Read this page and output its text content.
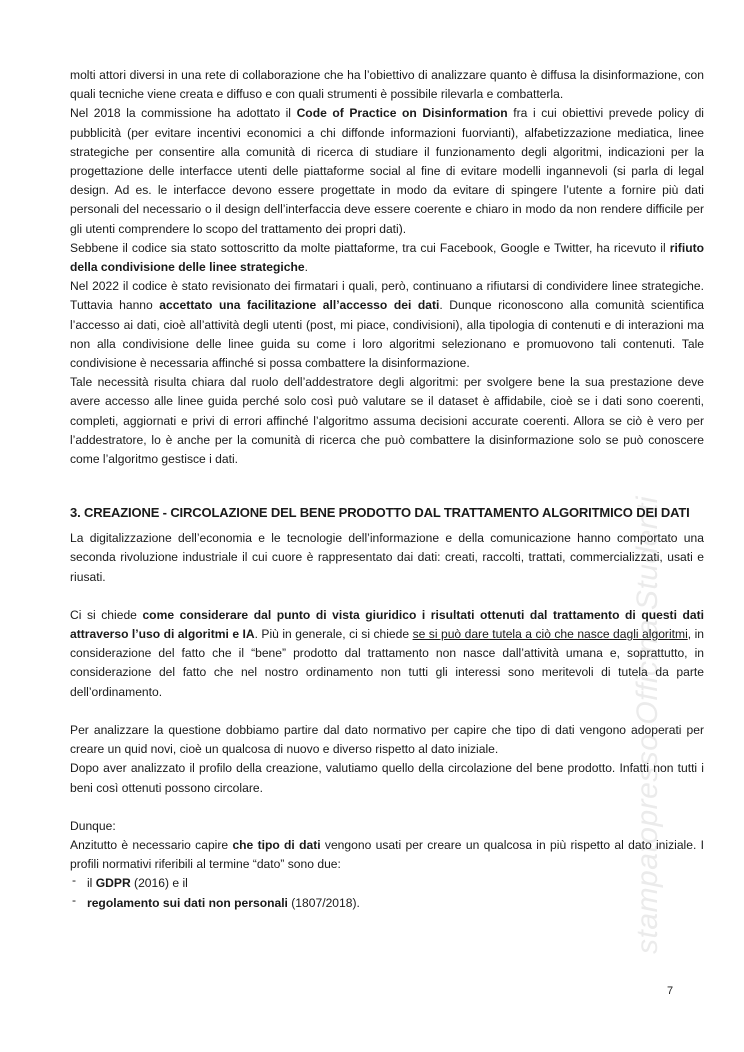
stampatopresso Officina Studenti

molti attori diversi in una rete di collaborazione che ha l’obiettivo di analizzare quanto è diffusa la disinformazione, con quali tecniche viene creata e diffuso e con quali strumenti è possibile rilevarla e combatterla.

Nel 2018 la commissione ha adottato il Code of Practice on Disinformation fra i cui obiettivi prevede policy di pubblicità (per evitare incentivi economici a chi diffonde informazioni fuorvianti), alfabetizzazione mediatica, linee strategiche per consentire alla comunità di ricerca di studiare il funzionamento degli algoritmi, indicazioni per la progettazione delle interfacce utenti delle piattaforme social al fine di evitare modelli ingannevoli (si parla di legal design. Ad es. le interfacce devono essere progettate in modo da evitare di spingere l’utente a fornire più dati personali del necessario o il design dell’interfaccia deve essere coerente e chiaro in modo da non rendere difficile per gli utenti comprendere lo scopo del trattamento dei propri dati).

Sebbene il codice sia stato sottoscritto da molte piattaforme, tra cui Facebook, Google e Twitter, ha ricevuto il rifiuto della condivisione delle linee strategiche.

Nel 2022 il codice è stato revisionato dei firmatari i quali, però, continuano a rifiutarsi di condividere linee strategiche. Tuttavia hanno accettato una facilitazione all’accesso dei dati. Dunque riconoscono alla comunità scientifica l’accesso ai dati, cioè all’attività degli utenti (post, mi piace, condivisioni), alla tipologia di contenuti e di interazioni ma non alla condivisione delle linee guida su come i loro algoritmi selezionano e promuovono tali contenuti. Tale condivisione è necessaria affinché si possa combattere la disinformazione.

Tale necessità risulta chiara dal ruolo dell’addestratore degli algoritmi: per svolgere bene la sua prestazione deve avere accesso alle linee guida perché solo così può valutare se il dataset è affidabile, cioè se i dati sono coerenti, completi, aggiornati e privi di errori affinché l’algoritmo assuma decisioni accurate coerenti. Allora se ciò è vero per l’addestratore, lo è anche per la comunità di ricerca che può combattere la disinformazione solo se può conoscere come l’algoritmo gestisce i dati.

3. CREAZIONE - CIRCOLAZIONE DEL BENE PRODOTTO DAL TRATTAMENTO ALGORITMICO DEI DATI

La digitalizzazione dell’economia e le tecnologie dell’informazione e della comunicazione hanno comportato una seconda rivoluzione industriale il cui cuore è rappresentato dai dati: creati, raccolti, trattati, commercializzati, usati e riusati.

Ci si chiede come considerare dal punto di vista giuridico i risultati ottenuti dal trattamento di questi dati attraverso l’uso di algoritmi e IA. Più in generale, ci si chiede se si può dare tutela a ciò che nasce dagli algoritmi, in considerazione del fatto che il “bene” prodotto dal trattamento non nasce dall’attività umana e, soprattutto, in considerazione del fatto che nel nostro ordinamento non tutti gli interessi sono meritevoli di tutela da parte dell’ordinamento.

Per analizzare la questione dobbiamo partire dal dato normativo per capire che tipo di dati vengono adoperati per creare un quid novi, cioè un qualcosa di nuovo e diverso rispetto al dato iniziale.

Dopo aver analizzato il profilo della creazione, valutiamo quello della circolazione del bene prodotto. Infatti non tutti i beni così ottenuti possono circolare.

Dunque:

Anzitutto è necessario capire che tipo di dati vengono usati per creare un qualcosa in più rispetto al dato iniziale. I profili normativi riferibili al termine “dato” sono due:

- il GDPR (2016) e il
- regolamento sui dati non personali (1807/2018).
7
